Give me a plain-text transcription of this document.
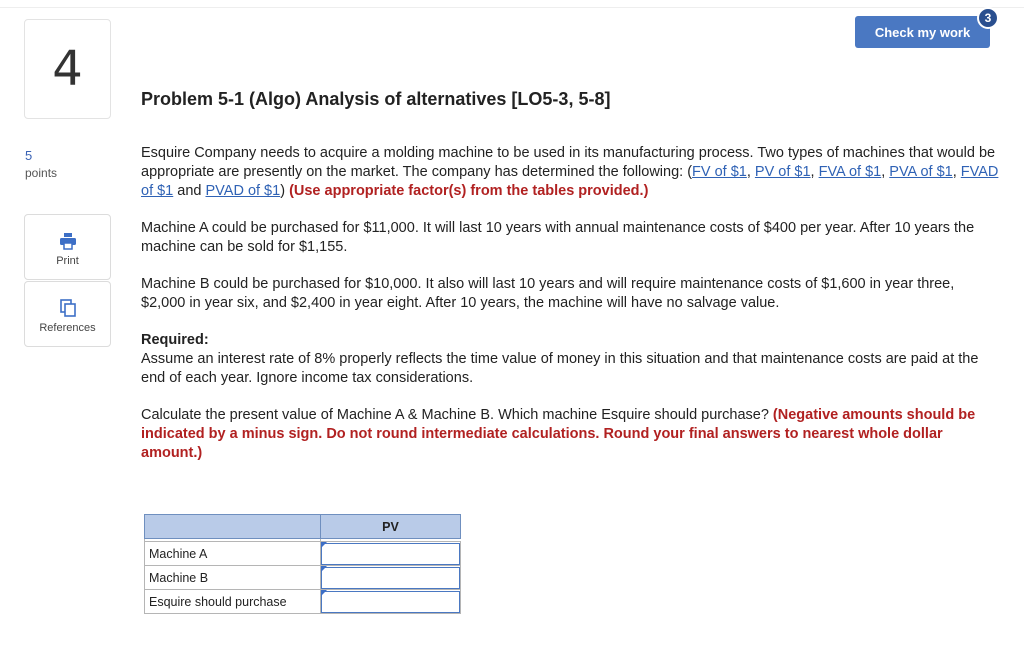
4
5
points
Print
References
Check my work
3
Problem 5-1 (Algo) Analysis of alternatives [LO5-3, 5-8]

Esquire Company needs to acquire a molding machine to be used in its manufacturing process. Two types of machines that would be appropriate are presently on the market. The company has determined the following: (FV of $1, PV of $1, FVA of $1, PVA of $1, FVAD of $1 and PVAD of $1) (Use appropriate factor(s) from the tables provided.)

Machine A could be purchased for $11,000. It will last 10 years with annual maintenance costs of $400 per year. After 10 years the machine can be sold for $1,155.

Machine B could be purchased for $10,000. It also will last 10 years and will require maintenance costs of $1,600 in year three, $2,000 in year six, and $2,400 in year eight. After 10 years, the machine will have no salvage value.

Required:
Assume an interest rate of 8% properly reflects the time value of money in this situation and that maintenance costs are paid at the end of each year. Ignore income tax considerations.

Calculate the present value of Machine A & Machine B. Which machine Esquire should purchase? (Negative amounts should be indicated by a minus sign. Do not round intermediate calculations. Round your final answers to nearest whole dollar amount.)

	PV

Machine A	

Machine B	

Esquire should purchase	
